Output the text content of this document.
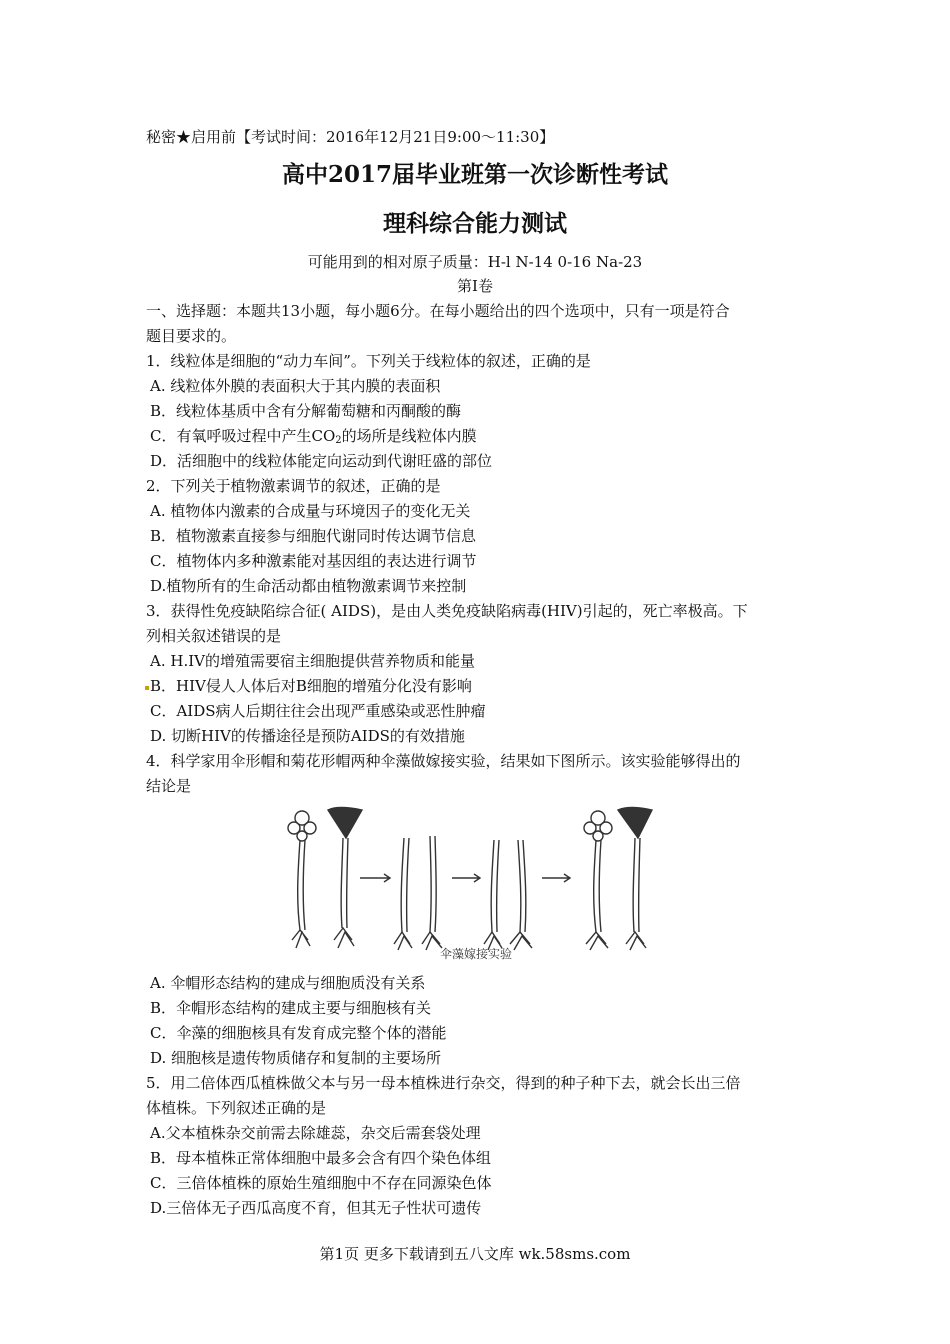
秘密★启用前【考试时间：2016年12月21日9:00～11:30】
高中2017届毕业班第一次诊断性考试
理科综合能力测试
可能用到的相对原子质量：H-l N-14 0-16 Na-23
第I卷
一、选择题：本题共13小题，每小题6分。在每小题给出的四个选项中，只有一项是符合
题目要求的。
1．线粒体是细胞的“动力车间”。下列关于线粒体的叙述，正确的是
A. 线粒体外膜的表面积大于其内膜的表面积
B．线粒体基质中含有分解葡萄糖和丙酮酸的酶
C．有氧呼吸过程中产生$CO_2$的场所是线粒体内膜
D．活细胞中的线粒体能定向运动到代谢旺盛的部位
2．下列关于植物激素调节的叙述，正确的是
A. 植物体内激素的合成量与环境因子的变化无关
B．植物激素直接参与细胞代谢同时传达调节信息
C．植物体内多种激素能对基因组的表达进行调节
D.植物所有的生命活动都由植物激素调节来控制
3．获得性免疫缺陷综合征( AIDS)，是由人类免疫缺陷病毒(HIV)引起的，死亡率极高。下
列相关叙述错误的是
A. H.IV的增殖需要宿主细胞提供营养物质和能量
B．HIV侵人人体后对B细胞的增殖分化没有影响
C．AIDS病人后期往往会出现严重感染或恶性肿瘤
D. 切断HIV的传播途径是预防AIDS的有效措施
4．科学家用伞形帽和菊花形帽两种伞藻做嫁接实验，结果如下图所示。该实验能够得出的
结论是
伞藻嫁接实验
A. 伞帽形态结构的建成与细胞质没有关系
B．伞帽形态结构的建成主要与细胞核有关
C．伞藻的细胞核具有发育成完整个体的潜能
D. 细胞核是遗传物质储存和复制的主要场所
5．用二倍体西瓜植株做父本与另一母本植株进行杂交，得到的种子种下去，就会长出三倍
体植株。下列叙述正确的是
A.父本植株杂交前需去除雄蕊，杂交后需套袋处理
B．母本植株正常体细胞中最多会含有四个染色体组
C．三倍体植株的原始生殖细胞中不存在同源染色体
D.三倍体无子西瓜高度不育，但其无子性状可遗传
第1页 更多下载请到五八文库 wk.58sms.com
